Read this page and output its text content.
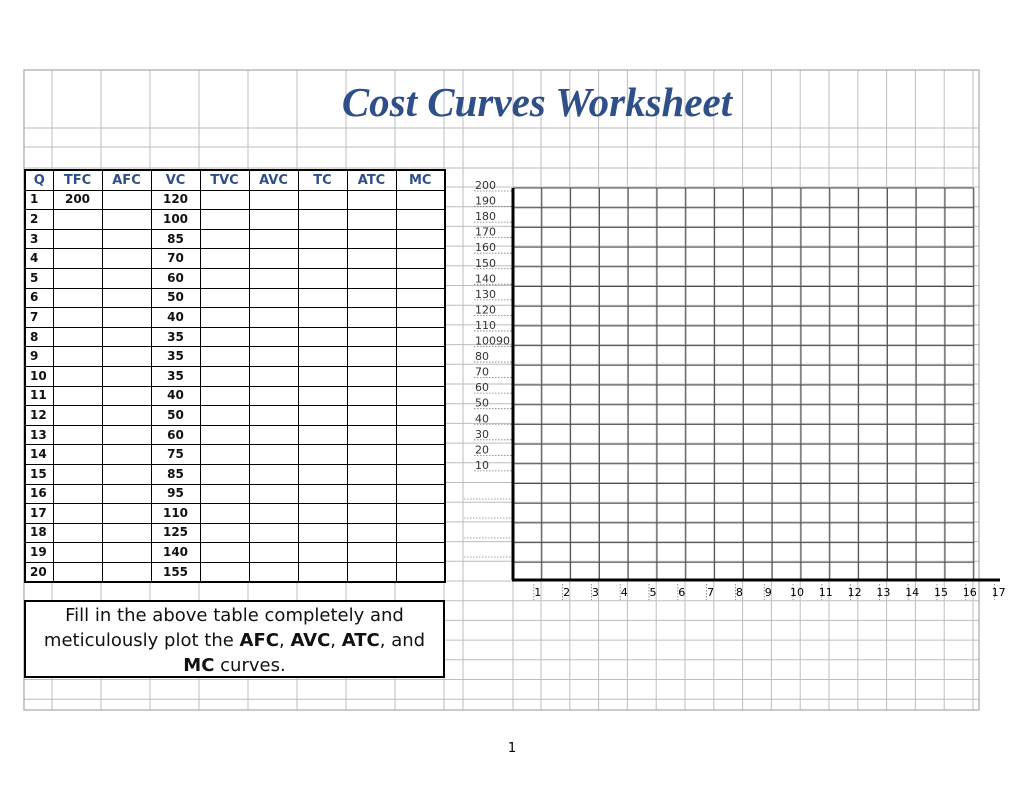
Cost Curves Worksheet
Q	TFC	AFC	VC	TVC	AVC	TC	ATC	MC
1	200		120					
2			100					
3			85					
4			70					
5			60					
6			50					
7			40					
8			35					
9			35					
10			35					
11			40					
12			50					
13			60					
14			75					
15			85					
16			95					
17			110					
18			125					
19			140					
20			155					
Fill in the above table completely and
meticulously plot the AFC, AVC, ATC, and
MC curves.
200
190
180
170
160
150
140
130
120
110
10090
80
70
60
50
40
30
20
10
1 2 3 4 5 6 7 8 9 10 11 12 13 14 15 16 17
1
